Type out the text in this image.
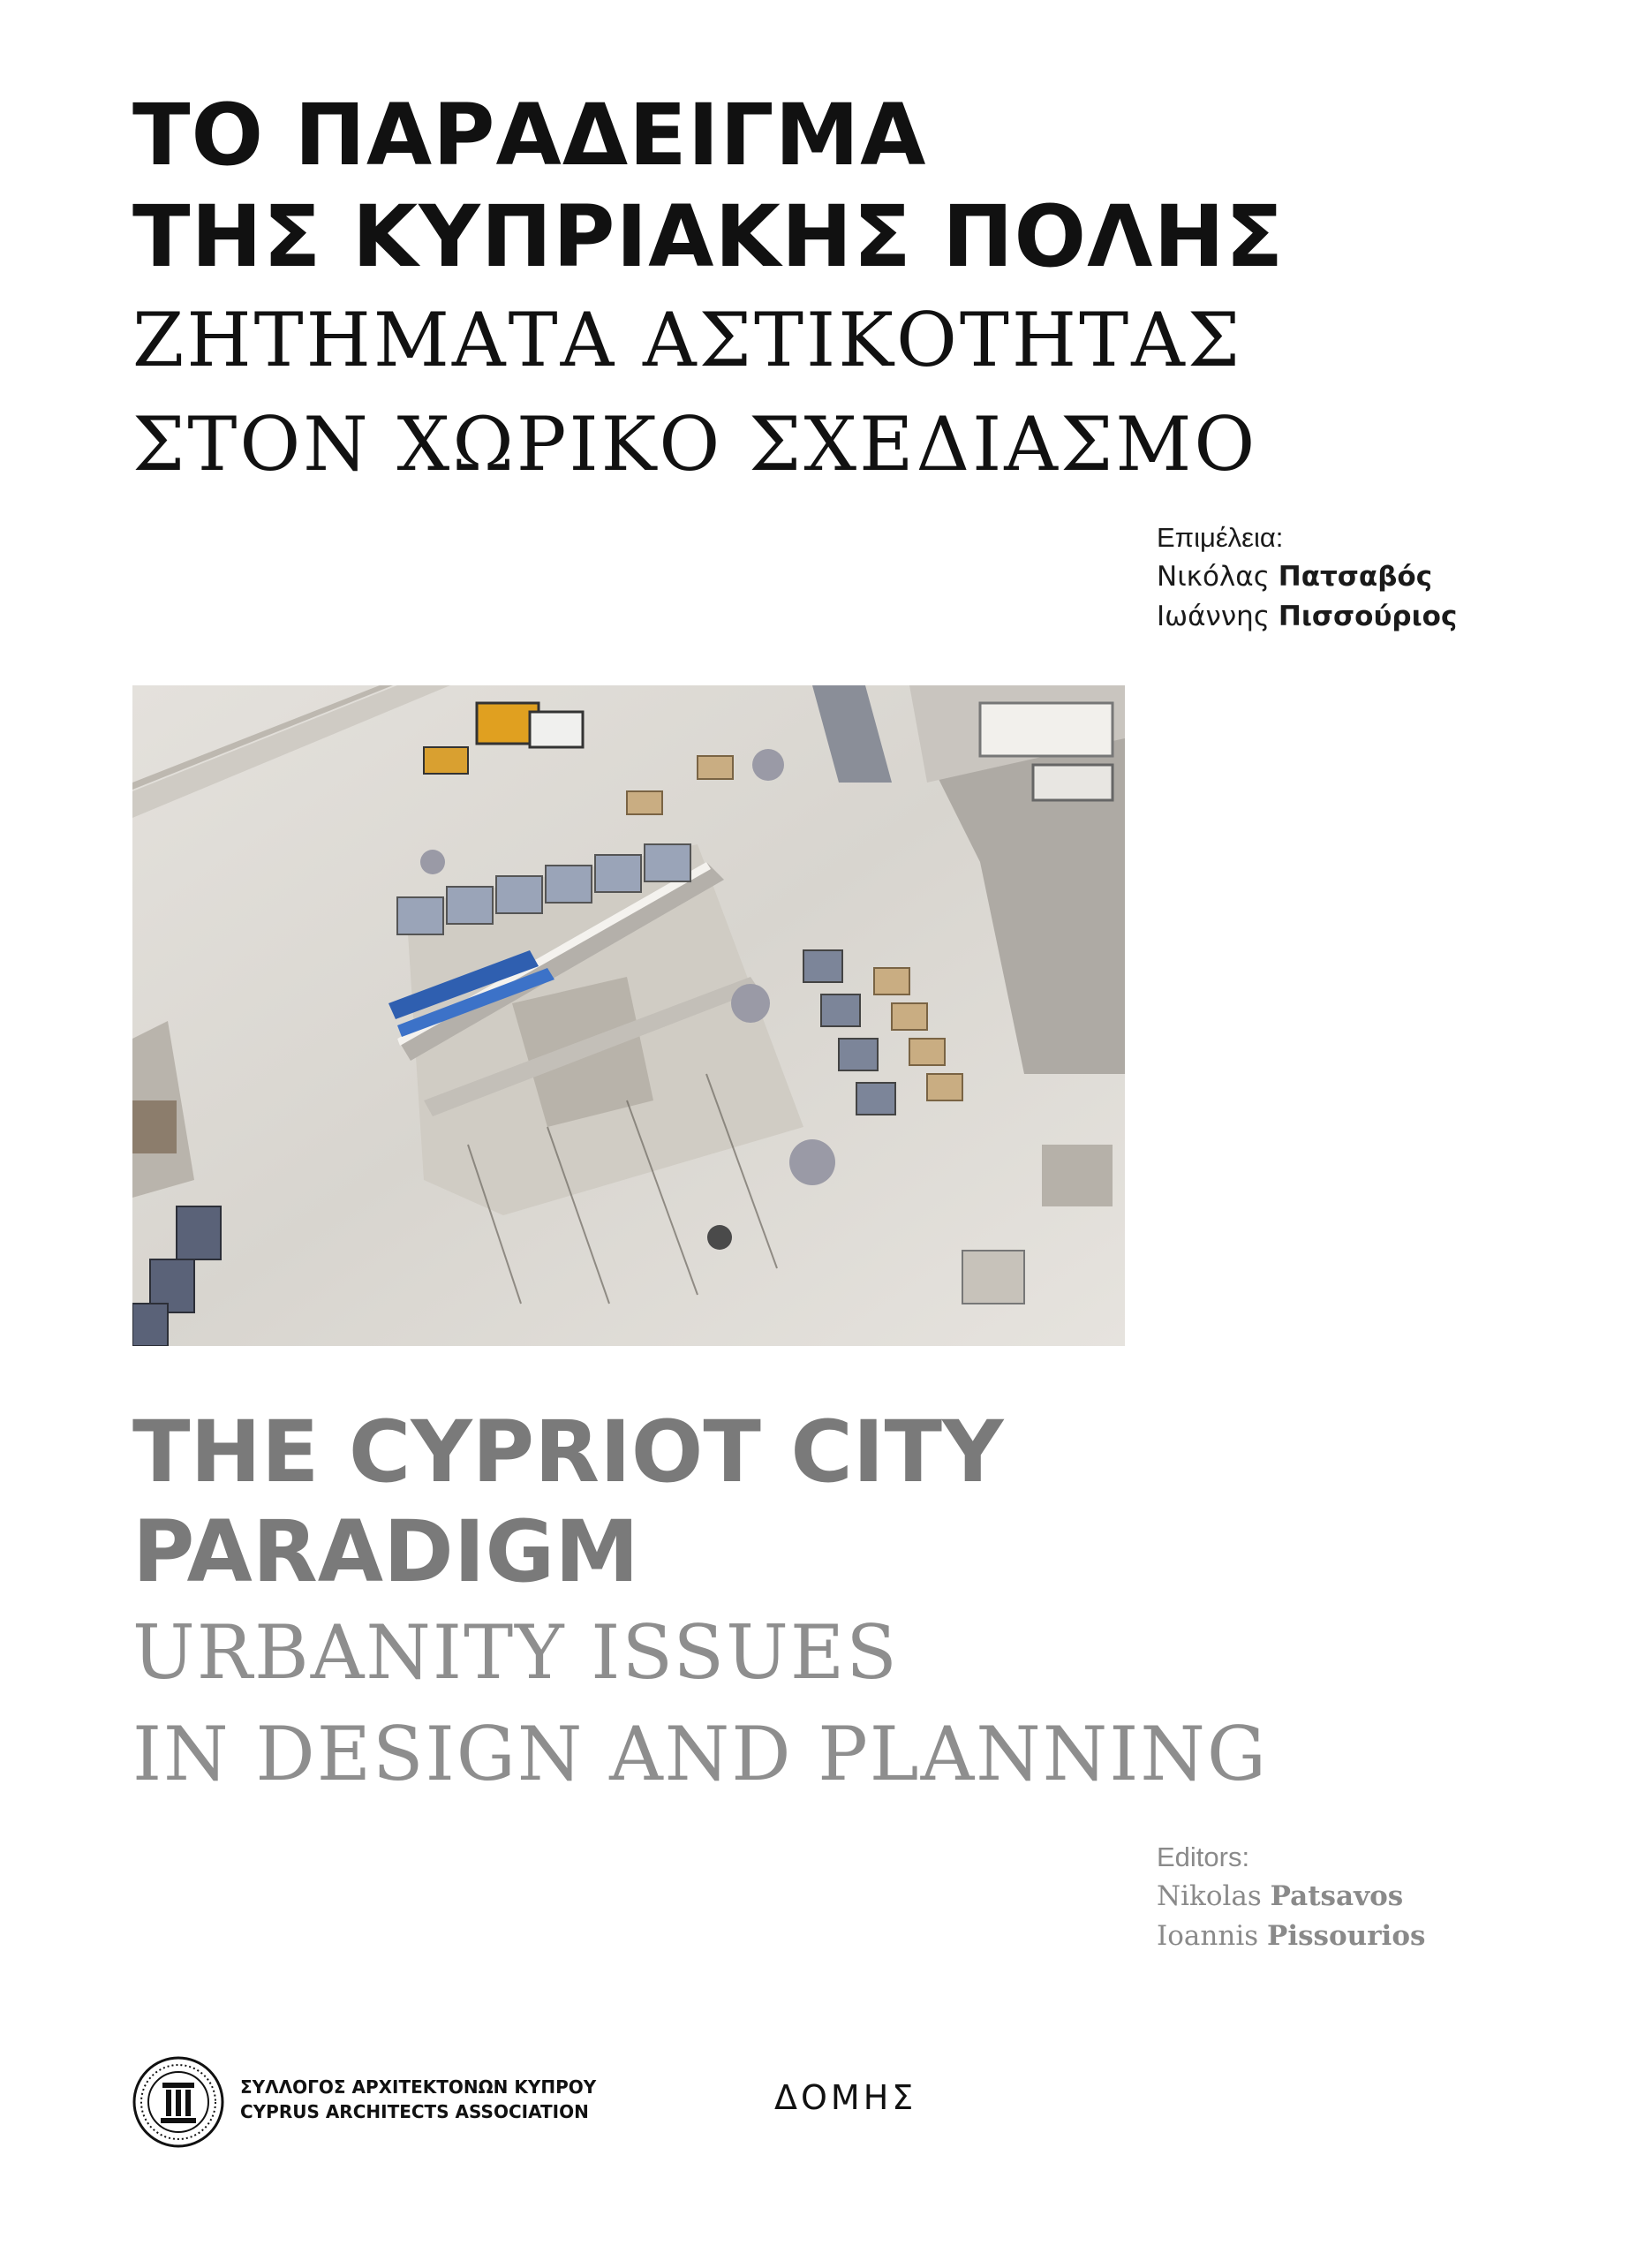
ΤΟ ΠΑΡΑΔΕΙΓΜΑ
ΤΗΣ ΚΥΠΡΙΑΚΗΣ ΠΟΛΗΣ
ΖΗΤΗΜΑΤΑ ΑΣΤΙΚΟΤΗΤΑΣ
ΣΤΟΝ ΧΩΡΙΚΟ ΣΧΕΔΙΑΣΜΟ
Επιμέλεια:
Νικόλας Πατσαβός
Ιωάννης Πισσούριος
THE CYPRIOT CITY
PARADIGM
URBANITY ISSUES
IN DESIGN AND PLANNING
Editors:
Nikolas Patsavos
Ioannis Pissourios
ΣΥΛΛΟΓΟΣ ΑΡΧΙΤΕΚΤΟΝΩΝ ΚΥΠΡΟΥ
CYPRUS ARCHITECTS ASSOCIATION	ΔΟΜΗΣ
